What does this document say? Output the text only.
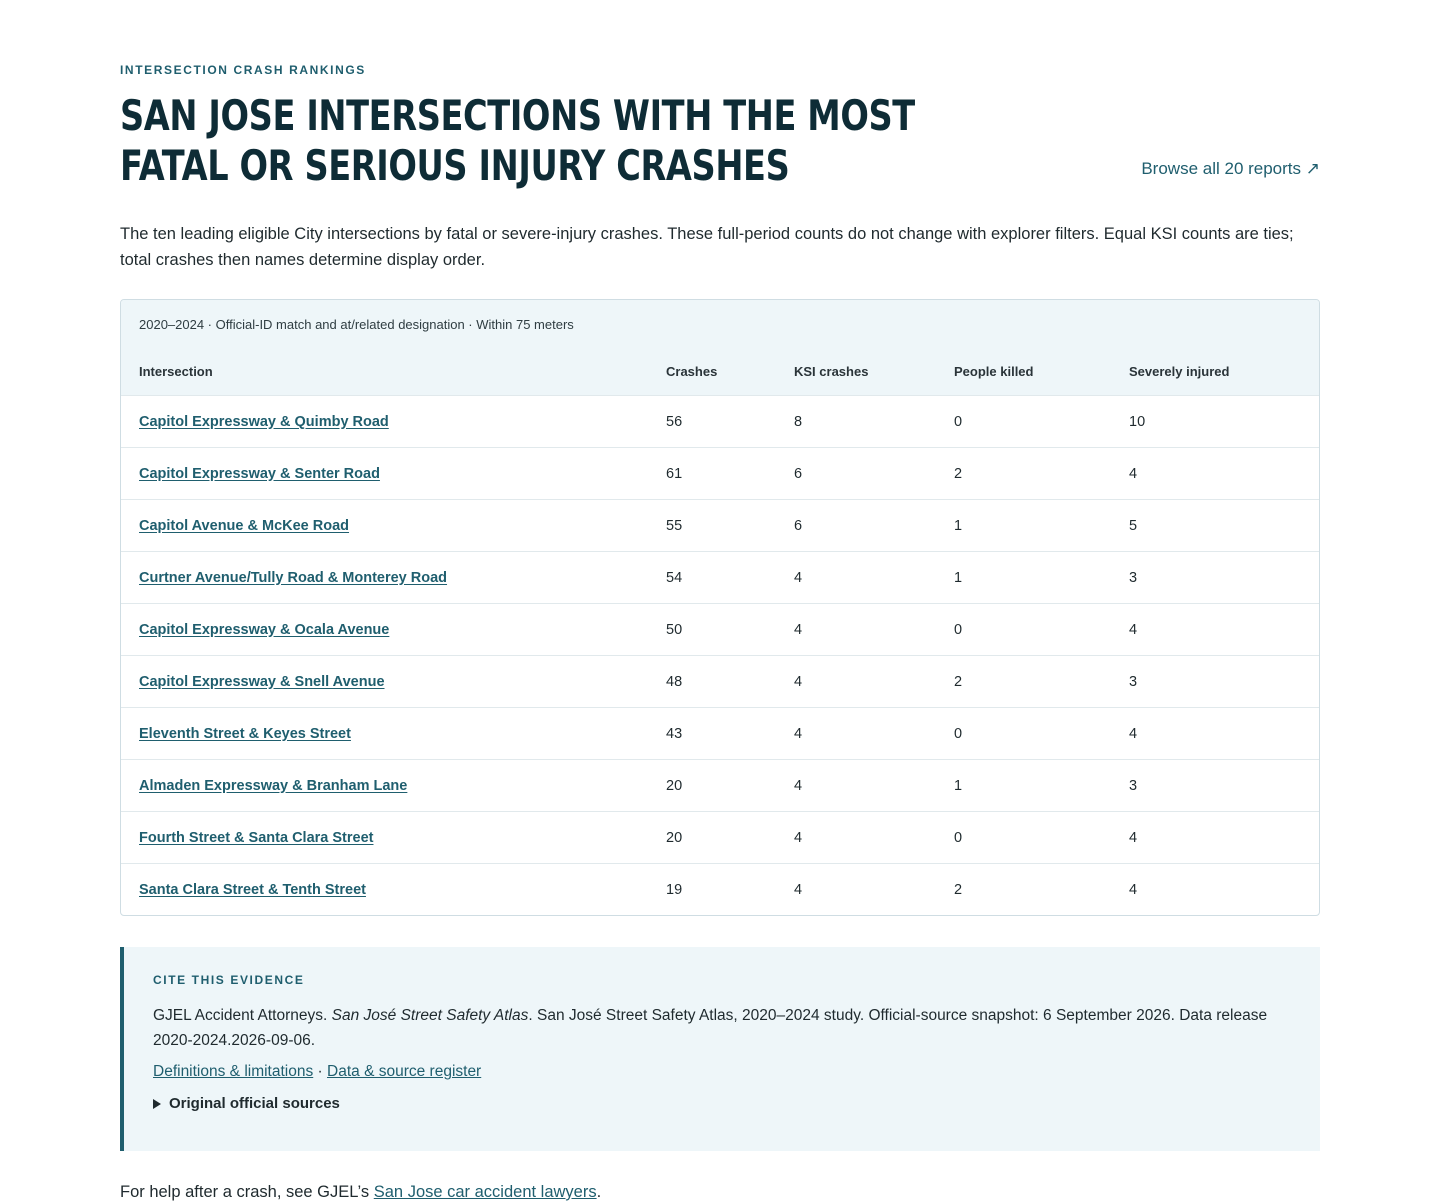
INTERSECTION CRASH RANKINGS
SAN JOSE INTERSECTIONS WITH THE MOST FATAL OR SERIOUS INJURY CRASHES	Browse all 20 reports ↗

The ten leading eligible City intersections by fatal or severe-injury crashes. These full-period counts do not change with explorer filters. Equal KSI counts are ties; total crashes then names determine display order.

2020–2024 · Official-ID match and at/related designation · Within 75 meters
Intersection	Crashes	KSI crashes	People killed	Severely injured
Capitol Expressway & Quimby Road	56	8	0	10
Capitol Expressway & Senter Road	61	6	2	4
Capitol Avenue & McKee Road	55	6	1	5
Curtner Avenue/Tully Road & Monterey Road	54	4	1	3
Capitol Expressway & Ocala Avenue	50	4	0	4
Capitol Expressway & Snell Avenue	48	4	2	3
Eleventh Street & Keyes Street	43	4	0	4
Almaden Expressway & Branham Lane	20	4	1	3
Fourth Street & Santa Clara Street	20	4	0	4
Santa Clara Street & Tenth Street	19	4	2	4
CITE THIS EVIDENCE

GJEL Accident Attorneys. San José Street Safety Atlas. San José Street Safety Atlas, 2020–2024 study. Official-source snapshot: 6 September 2026. Data release 2020-2024.2026-09-06.

Definitions & limitations · Data & source register
Original official sources
For help after a crash, see GJEL’s San Jose car accident lawyers.
